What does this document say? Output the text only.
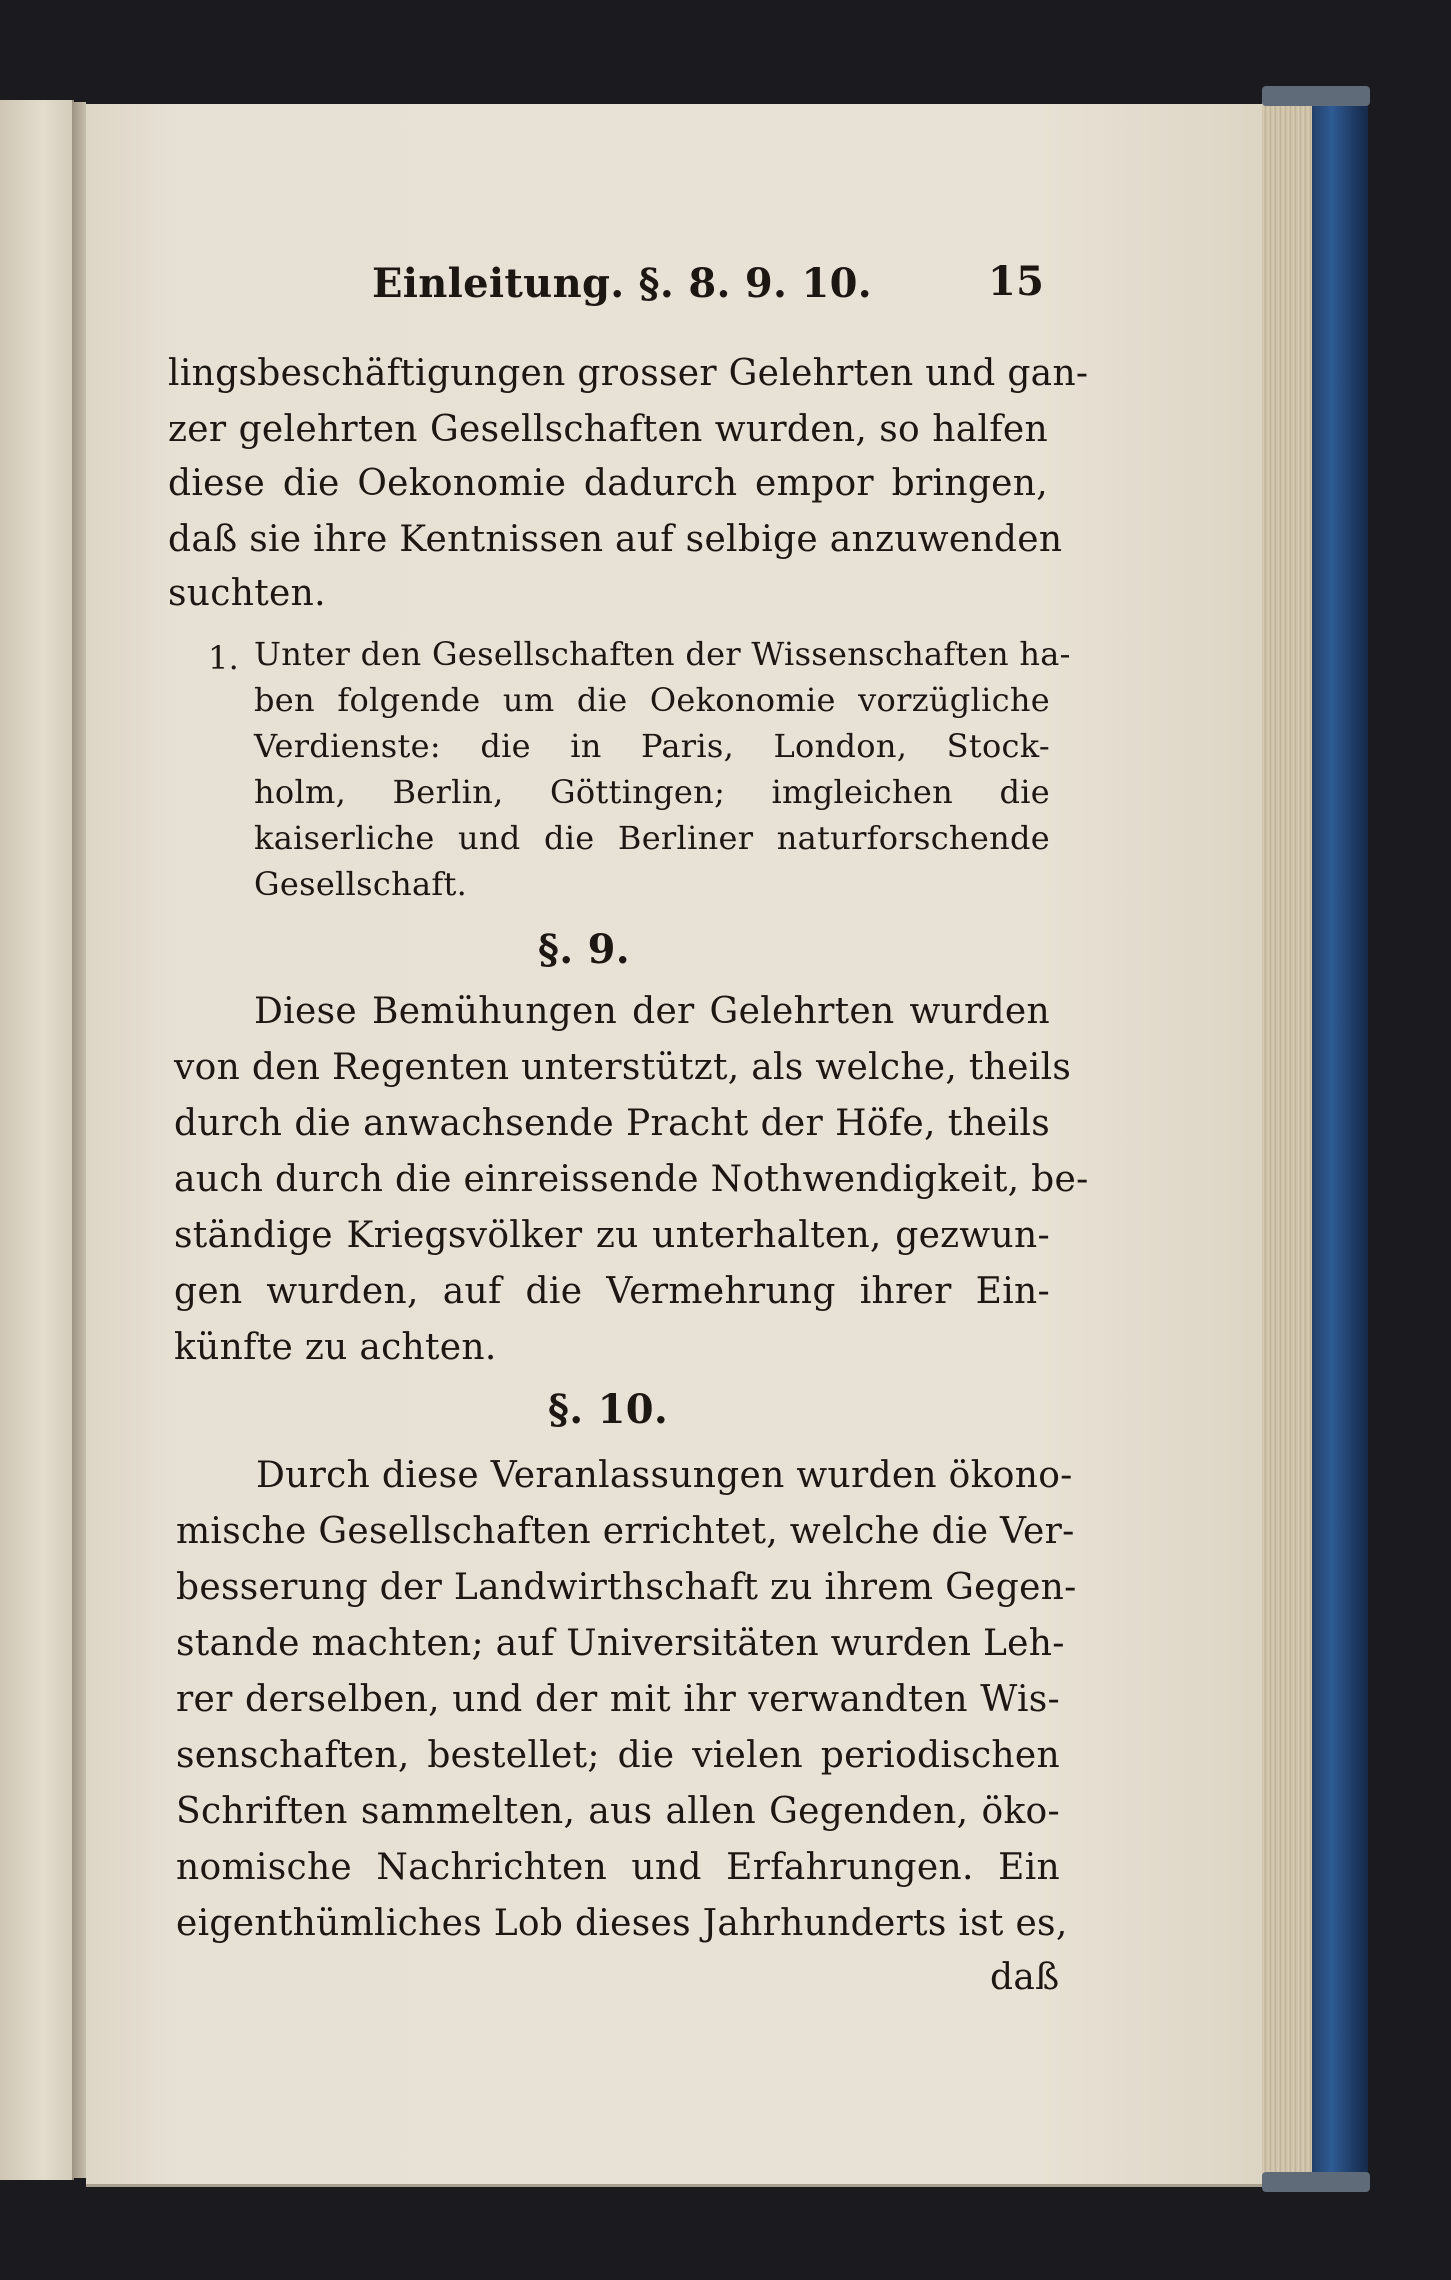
Einleitung. §. 8. 9. 10.	15
lingsbeschäftigungen grosser Gelehrten und gan-
zer gelehrten Gesellschaften wurden, so halfen
diese die Oekonomie dadurch empor bringen,
daß sie ihre Kentnissen auf selbige anzuwenden
suchten.
1. Unter den Gesellschaften der Wissenschaften ha-
ben folgende um die Oekonomie vorzügliche
Verdienste: die in Paris, London, Stock-
holm, Berlin, Göttingen; imgleichen die
kaiserliche und die Berliner naturforschende
Gesellschaft.
§. 9.
Diese Bemühungen der Gelehrten wurden
von den Regenten unterstützt, als welche, theils
durch die anwachsende Pracht der Höfe, theils
auch durch die einreissende Nothwendigkeit, be-
ständige Kriegsvölker zu unterhalten, gezwun-
gen wurden, auf die Vermehrung ihrer Ein-
künfte zu achten.
§. 10.
Durch diese Veranlassungen wurden ökono-
mische Gesellschaften errichtet, welche die Ver-
besserung der Landwirthschaft zu ihrem Gegen-
stande machten; auf Universitäten wurden Leh-
rer derselben, und der mit ihr verwandten Wis-
senschaften, bestellet; die vielen periodischen
Schriften sammelten, aus allen Gegenden, öko-
nomische Nachrichten und Erfahrungen. Ein
eigenthümliches Lob dieses Jahrhunderts ist es,
daß
